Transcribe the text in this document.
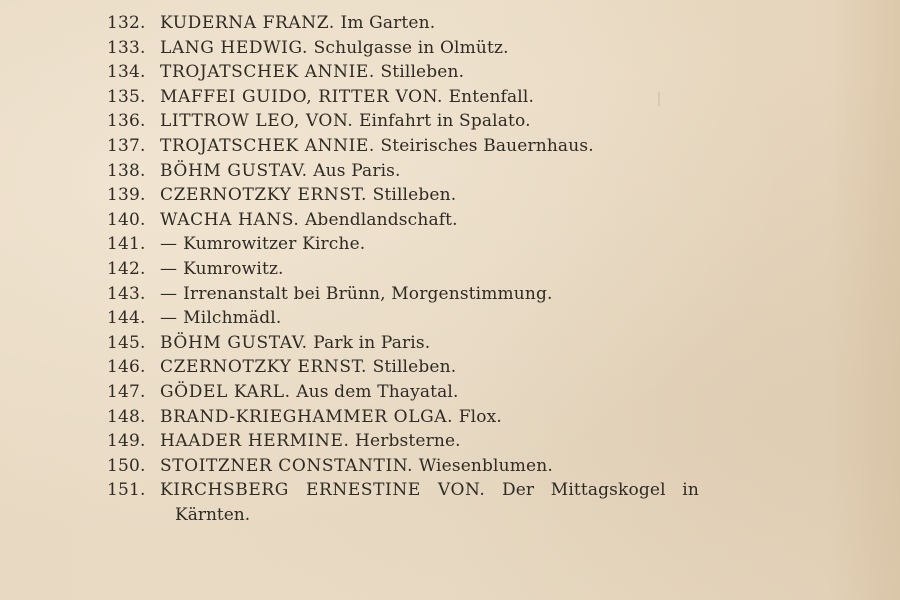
132. KUDERNA FRANZ. Im Garten.
133. LANG HEDWIG. Schulgasse in Olmütz.
134. TROJATSCHEK ANNIE. Stilleben.
135. MAFFEI GUIDO, RITTER VON. Entenfall.
136. LITTROW LEO, VON. Einfahrt in Spalato.
137. TROJATSCHEK ANNIE. Steirisches Bauernhaus.
138. BÖHM GUSTAV. Aus Paris.
139. CZERNOTZKY ERNST. Stilleben.
140. WACHA HANS. Abendlandschaft.
141. — Kumrowitzer Kirche.
142. — Kumrowitz.
143. — Irrenanstalt bei Brünn, Morgenstimmung.
144. — Milchmädl.
145. BÖHM GUSTAV. Park in Paris.
146. CZERNOTZKY ERNST. Stilleben.
147. GÖDEL KARL. Aus dem Thayatal.
148. BRAND-KRIEGHAMMER OLGA. Flox.
149. HAADER HERMINE. Herbsterne.
150. STOITZNER CONSTANTIN. Wiesenblumen.
151. KIRCHSBERG ERNESTINE VON. Der Mittagskogel in
Kärnten.
